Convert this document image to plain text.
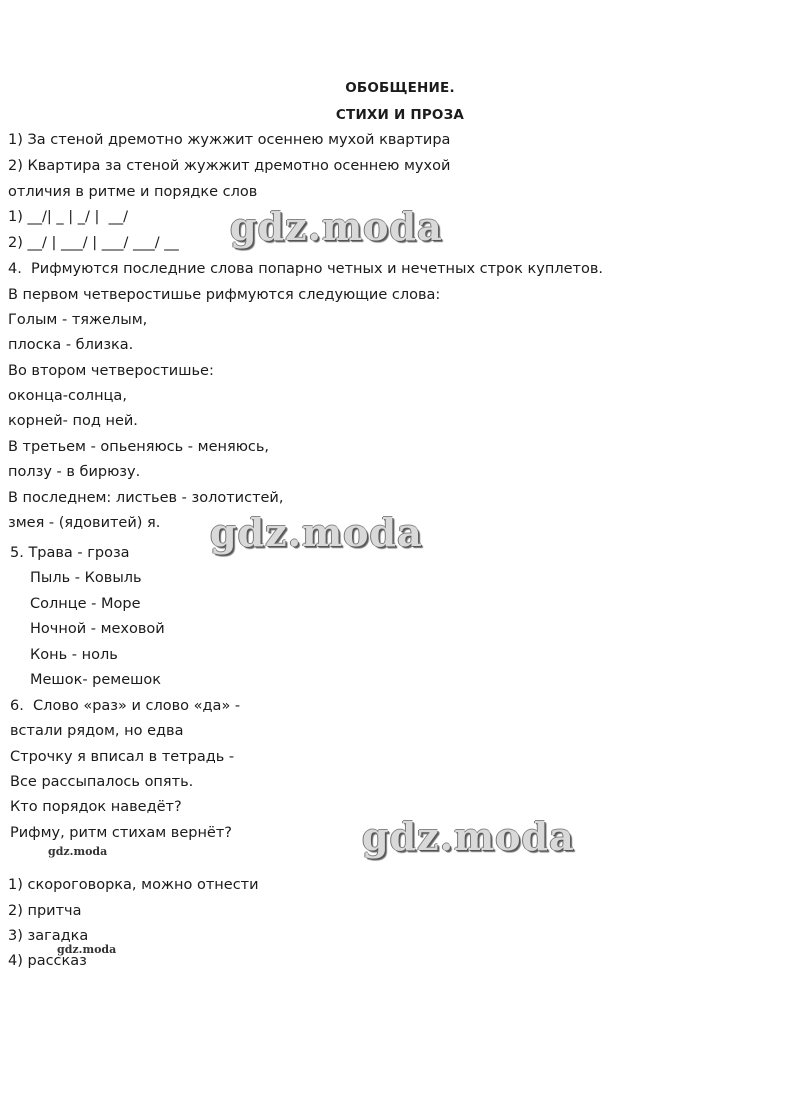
ОБОБЩЕНИЕ.
СТИХИ И ПРОЗА
1) За стеной дремотно жужжит осеннею мухой квартира
2) Квартира за стеной жужжит дремотно осеннею мухой
отличия в ритме и порядке слов
1) __/| _ | _/ |  __/
2) __/ | ___/ | ___/ ___/ __
4.  Рифмуются последние слова попарно четных и нечетных строк куплетов.
В первом четверостишье рифмуются следующие слова:
Голым - тяжелым,
плоска - близка.
Во втором четверостишье:
оконца-солнца,
корней- под ней.
В третьем - опьеняюсь - меняюсь,
ползу - в бирюзу.
В последнем: листьев - золотистей,
змея - (ядовитей) я.
5. Трава - гроза
Пыль - Ковыль
Солнце - Море
Ночной - меховой
Конь - ноль
Мешок- ремешок
6.  Слово «раз» и слово «да» -
встали рядом, но едва
Строчку я вписал в тетрадь -
Все рассыпалось опять.
Кто порядок наведёт?
Рифму, ритм стихам вернёт?
1) скороговорка, можно отнести
2) притча
3) загадка
4) рассказ
gdz.moda
gdz.moda
gdz.moda
gdz.moda
gdz.moda
